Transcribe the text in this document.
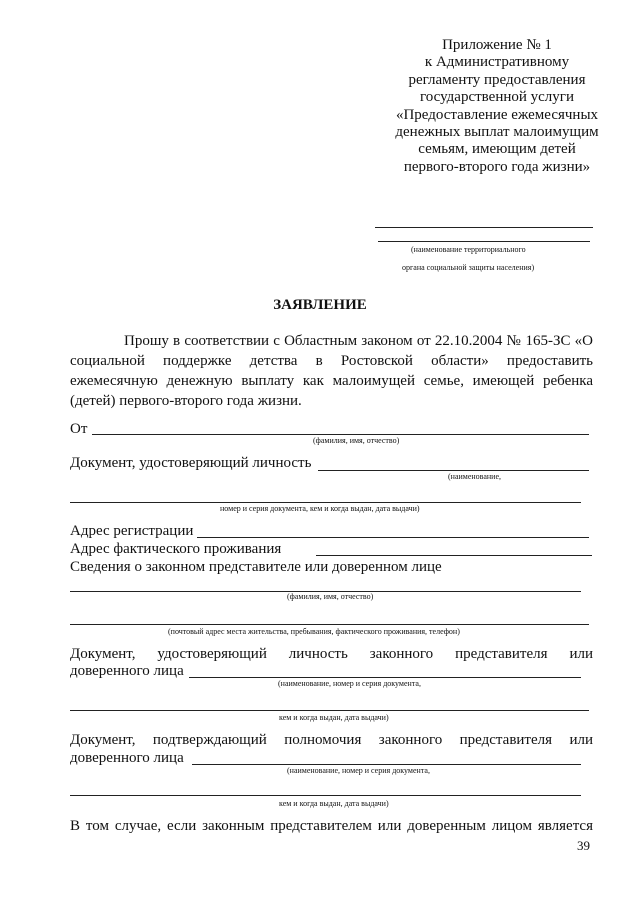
Приложение № 1
к Административному
регламенту предоставления
государственной услуги
«Предоставление ежемесячных
денежных выплат малоимущим
семьям, имеющим детей
первого-второго года жизни»
(наименование территориального
органа социальной защиты населения)
ЗАЯВЛЕНИЕ
Прошу в соответствии с Областным законом от 22.10.2004 № 165-ЗС «О
социальной поддержке детства в Ростовской области» предоставить
ежемесячную денежную выплату как малоимущей семье, имеющей ребенка
(детей) первого-второго года жизни.
От
(фамилия, имя, отчество)
Документ, удостоверяющий личность
(наименование,
номер и серия документа, кем и когда выдан, дата выдачи)
Адрес регистрации
Адрес фактического проживания
Сведения о законном представителе или доверенном лице
(фамилия, имя, отчество)
(почтовый адрес места жительства, пребывания, фактического проживания, телефон)
Документ, удостоверяющий личность законного представителя или
доверенного лица
(наименование, номер и серия документа,
кем и когда выдан, дата выдачи)
Документ, подтверждающий полномочия законного представителя или
доверенного лица
(наименование, номер и серия документа,
кем и когда выдан, дата выдачи)
В том случае, если законным представителем или доверенным лицом является
39
